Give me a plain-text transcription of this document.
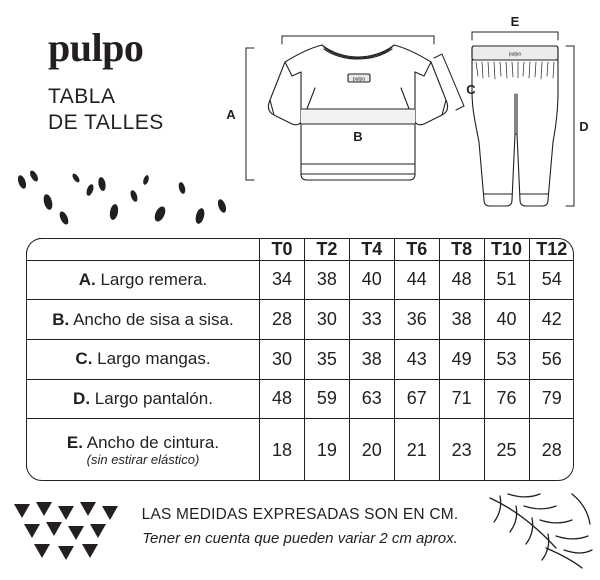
pulpo
TABLA
DE TALLES
pulpo
pulpo
A
B
C
D
E
	T0	T2	T4	T6	T8	T10	T12
A. Largo remera.	34	38	40	44	48	51	54
B. Ancho de sisa a sisa.	28	30	33	36	38	40	42
C. Largo mangas.	30	35	38	43	49	53	56
D. Largo pantalón.	48	59	63	67	71	76	79
E. Ancho de cintura.
(sin estirar elástico)	18	19	20	21	23	25	28
LAS MEDIDAS EXPRESADAS SON EN CM.
Tener en cuenta que pueden variar 2 cm aprox.
